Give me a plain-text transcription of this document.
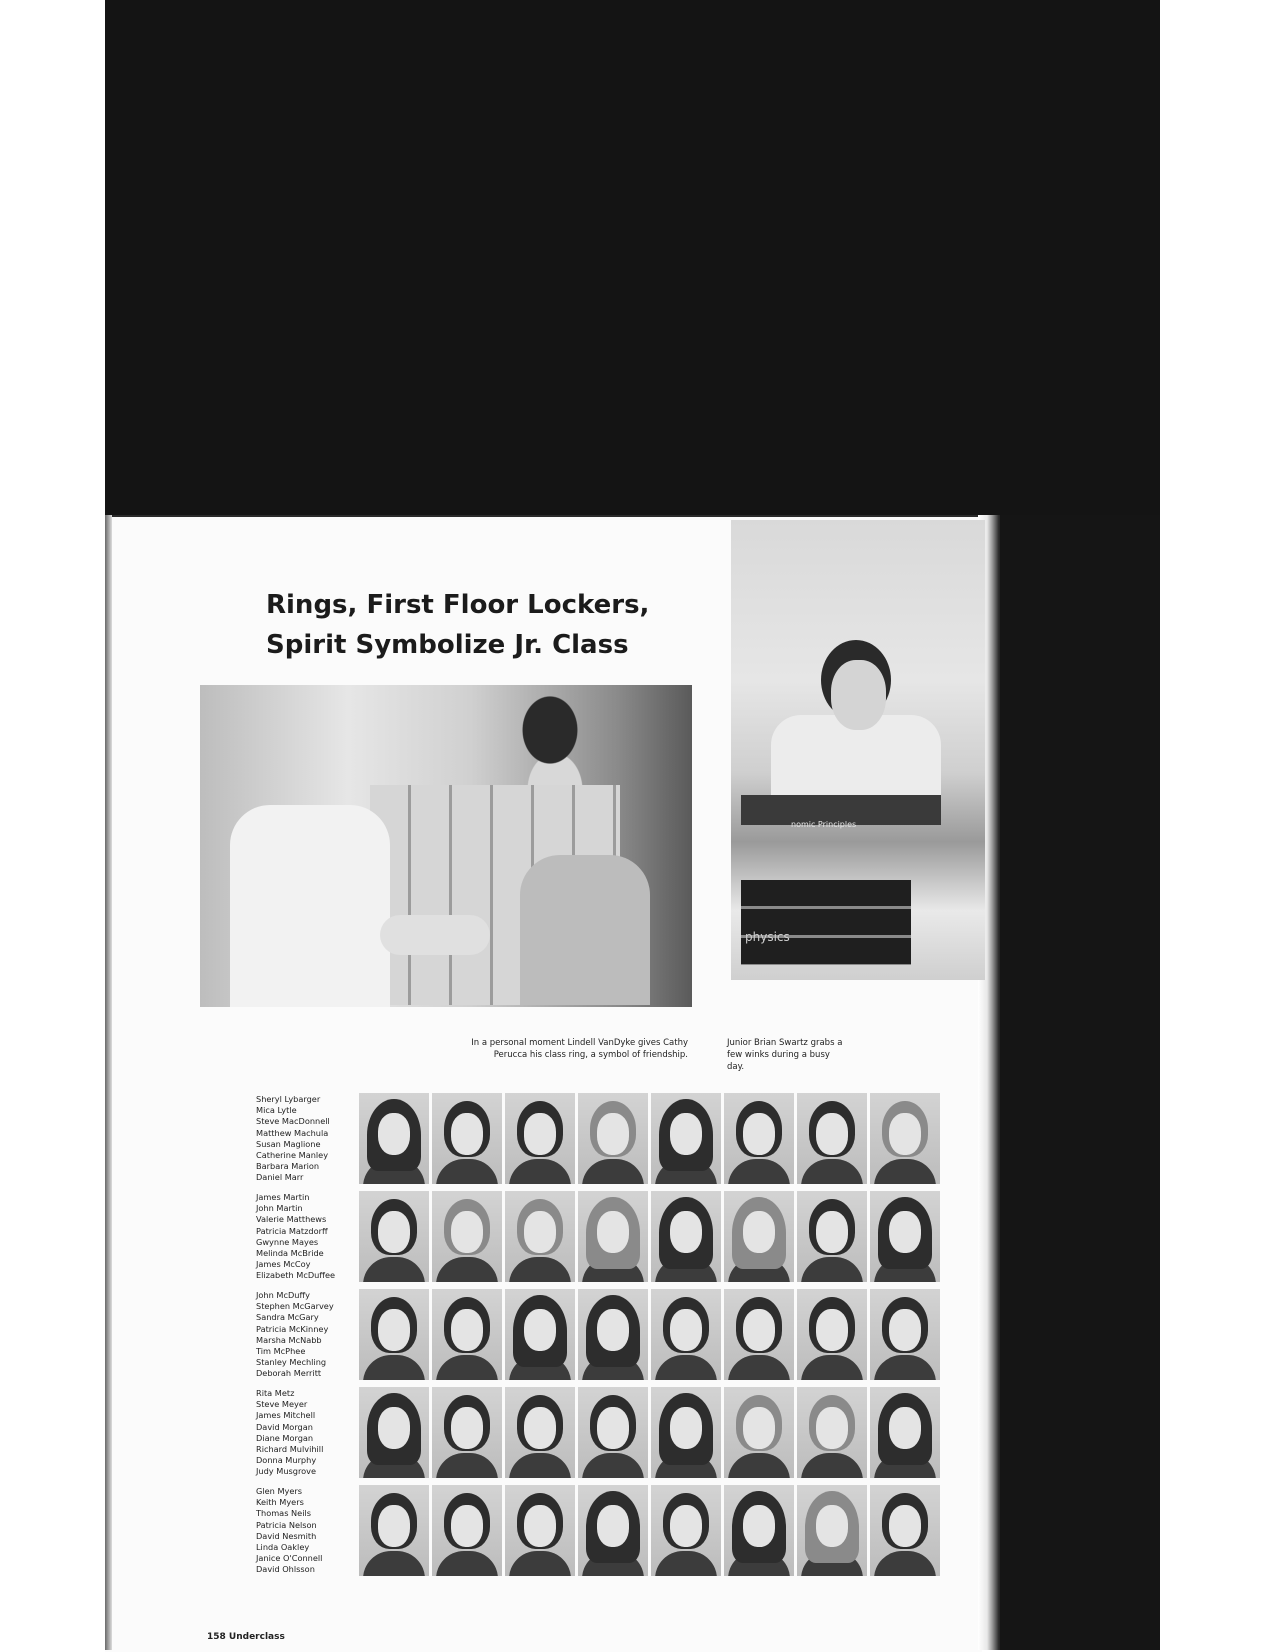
Rings, First Floor Lockers,
Spirit Symbolize Jr. Class
nomic Principles
physics

In a personal moment Lindell VanDyke gives Cathy Perucca his class ring, a symbol of friendship.

Junior Brian Swartz grabs a few winks during a busy day.

Sheryl Lybarger
Mica Lytle
Steve MacDonnell
Matthew Machula
Susan Maglione
Catherine Manley
Barbara Marion
Daniel Marr
James Martin
John Martin
Valerie Matthews
Patricia Matzdorff
Gwynne Mayes
Melinda McBride
James McCoy
Elizabeth McDuffee
John McDuffy
Stephen McGarvey
Sandra McGary
Patricia McKinney
Marsha McNabb
Tim McPhee
Stanley Mechling
Deborah Merritt
Rita Metz
Steve Meyer
James Mitchell
David Morgan
Diane Morgan
Richard Mulvihill
Donna Murphy
Judy Musgrove
Glen Myers
Keith Myers
Thomas Neils
Patricia Nelson
David Nesmith
Linda Oakley
Janice O'Connell
David Ohlsson
158 Underclass
